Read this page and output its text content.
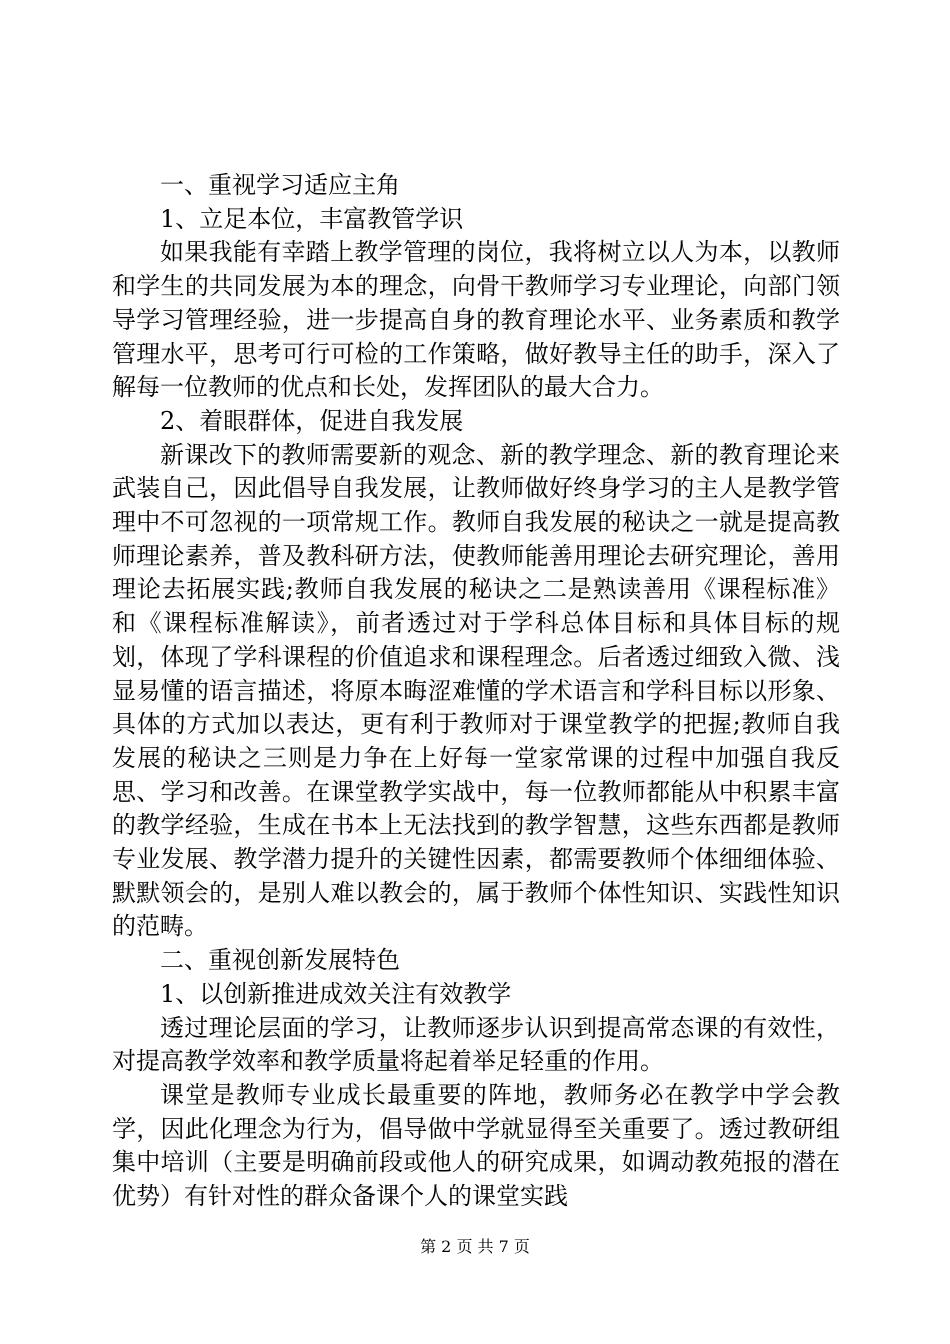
一、重视学习适应主角

1、立足本位，丰富教管学识

如果我能有幸踏上教学管理的岗位，我将树立以人为本，以教师和学生的共同发展为本的理念，向骨干教师学习专业理论，向部门领导学习管理经验，进一步提高自身的教育理论水平、业务素质和教学管理水平，思考可行可检的工作策略，做好教导主任的助手，深入了解每一位教师的优点和长处，发挥团队的最大合力。

2、着眼群体，促进自我发展

新课改下的教师需要新的观念、新的教学理念、新的教育理论来武装自己，因此倡导自我发展，让教师做好终身学习的主人是教学管理中不可忽视的一项常规工作。教师自我发展的秘诀之一就是提高教师理论素养，普及教科研方法，使教师能善用理论去研究理论，善用理论去拓展实践;教师自我发展的秘诀之二是熟读善用《课程标准》和《课程标准解读》，前者透过对于学科总体目标和具体目标的规划，体现了学科课程的价值追求和课程理念。后者透过细致入微、浅显易懂的语言描述，将原本晦涩难懂的学术语言和学科目标以形象、具体的方式加以表达，更有利于教师对于课堂教学的把握;教师自我发展的秘诀之三则是力争在上好每一堂家常课的过程中加强自我反思、学习和改善。在课堂教学实战中，每一位教师都能从中积累丰富的教学经验，生成在书本上无法找到的教学智慧，这些东西都是教师专业发展、教学潜力提升的关键性因素，都需要教师个体细细体验、默默领会的，是别人难以教会的，属于教师个体性知识、实践性知识的范畴。

二、重视创新发展特色

1、以创新推进成效关注有效教学

透过理论层面的学习，让教师逐步认识到提高常态课的有效性，对提高教学效率和教学质量将起着举足轻重的作用。

课堂是教师专业成长最重要的阵地，教师务必在教学中学会教学，因此化理念为行为，倡导做中学就显得至关重要了。透过教研组集中培训（主要是明确前段或他人的研究成果，如调动教苑报的潜在优势）有针对性的群众备课个人的课堂实践

第 2 页 共 7 页
